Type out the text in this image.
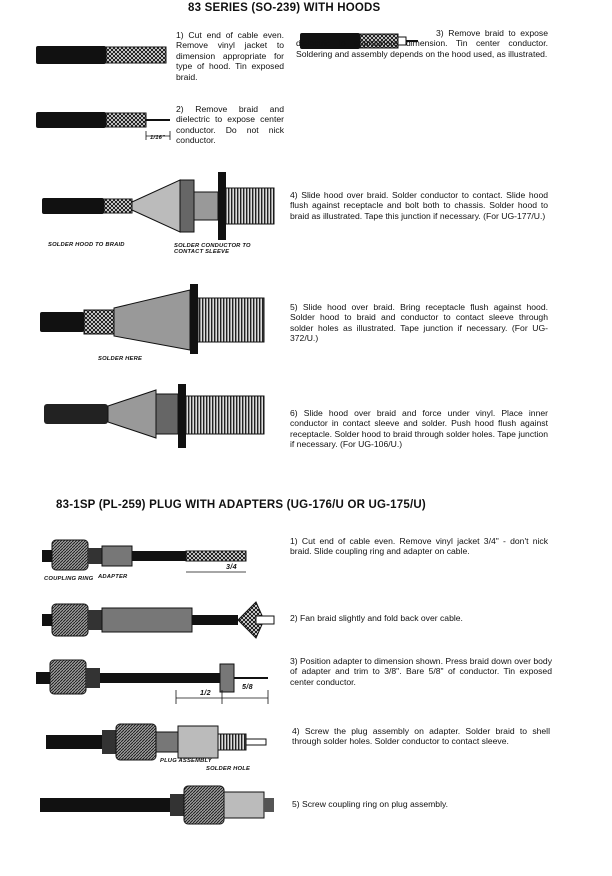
83 SERIES (SO-239) WITH HOODS
1) Cut end of cable even. Remove vinyl jacket to dimension appropriate for type of hood. Tin exposed braid.
1/16"
2) Remove braid and dielectric to expose center conductor. Do not nick conductor.
3) Remove braid to expose dielectric to appropriate dimension. Tin center conductor. Soldering and assembly depends on the hood used, as illustrated.
SOLDER HOOD TO BRAID	SOLDER CONDUCTOR TO CONTACT SLEEVE
4) Slide hood over braid. Solder conductor to contact. Slide hood flush against receptacle and bolt both to chassis. Solder hood to braid as illustrated. Tape this junction if necessary. (For UG-177/U.)
SOLDER HERE
5) Slide hood over braid. Bring receptacle flush against hood. Solder hood to braid and conductor to contact sleeve through solder holes as illustrated. Tape junction if necessary. (For UG-372/U.)
6) Slide hood over braid and force under vinyl. Place inner conductor in contact sleeve and solder. Push hood flush against receptacle. Solder hood to braid through solder holes. Tape junction if necessary. (For UG-106/U.)
83-1SP (PL-259) PLUG WITH ADAPTERS (UG-176/U OR UG-175/U)
COUPLING RING ADAPTER
3/4
1) Cut end of cable even. Remove vinyl jacket 3/4" - don't nick braid. Slide coupling ring and adapter on cable.
2) Fan braid slightly and fold back over cable.
1/2
5/8
3) Position adapter to dimension shown. Press braid down over body of adapter and trim to 3/8". Bare 5/8" of conductor. Tin exposed center conductor.
PLUG ASSEMBLY
SOLDER HOLE
4) Screw the plug assembly on adapter. Solder braid to shell through solder holes. Solder conductor to contact sleeve.
5) Screw coupling ring on plug assembly.
